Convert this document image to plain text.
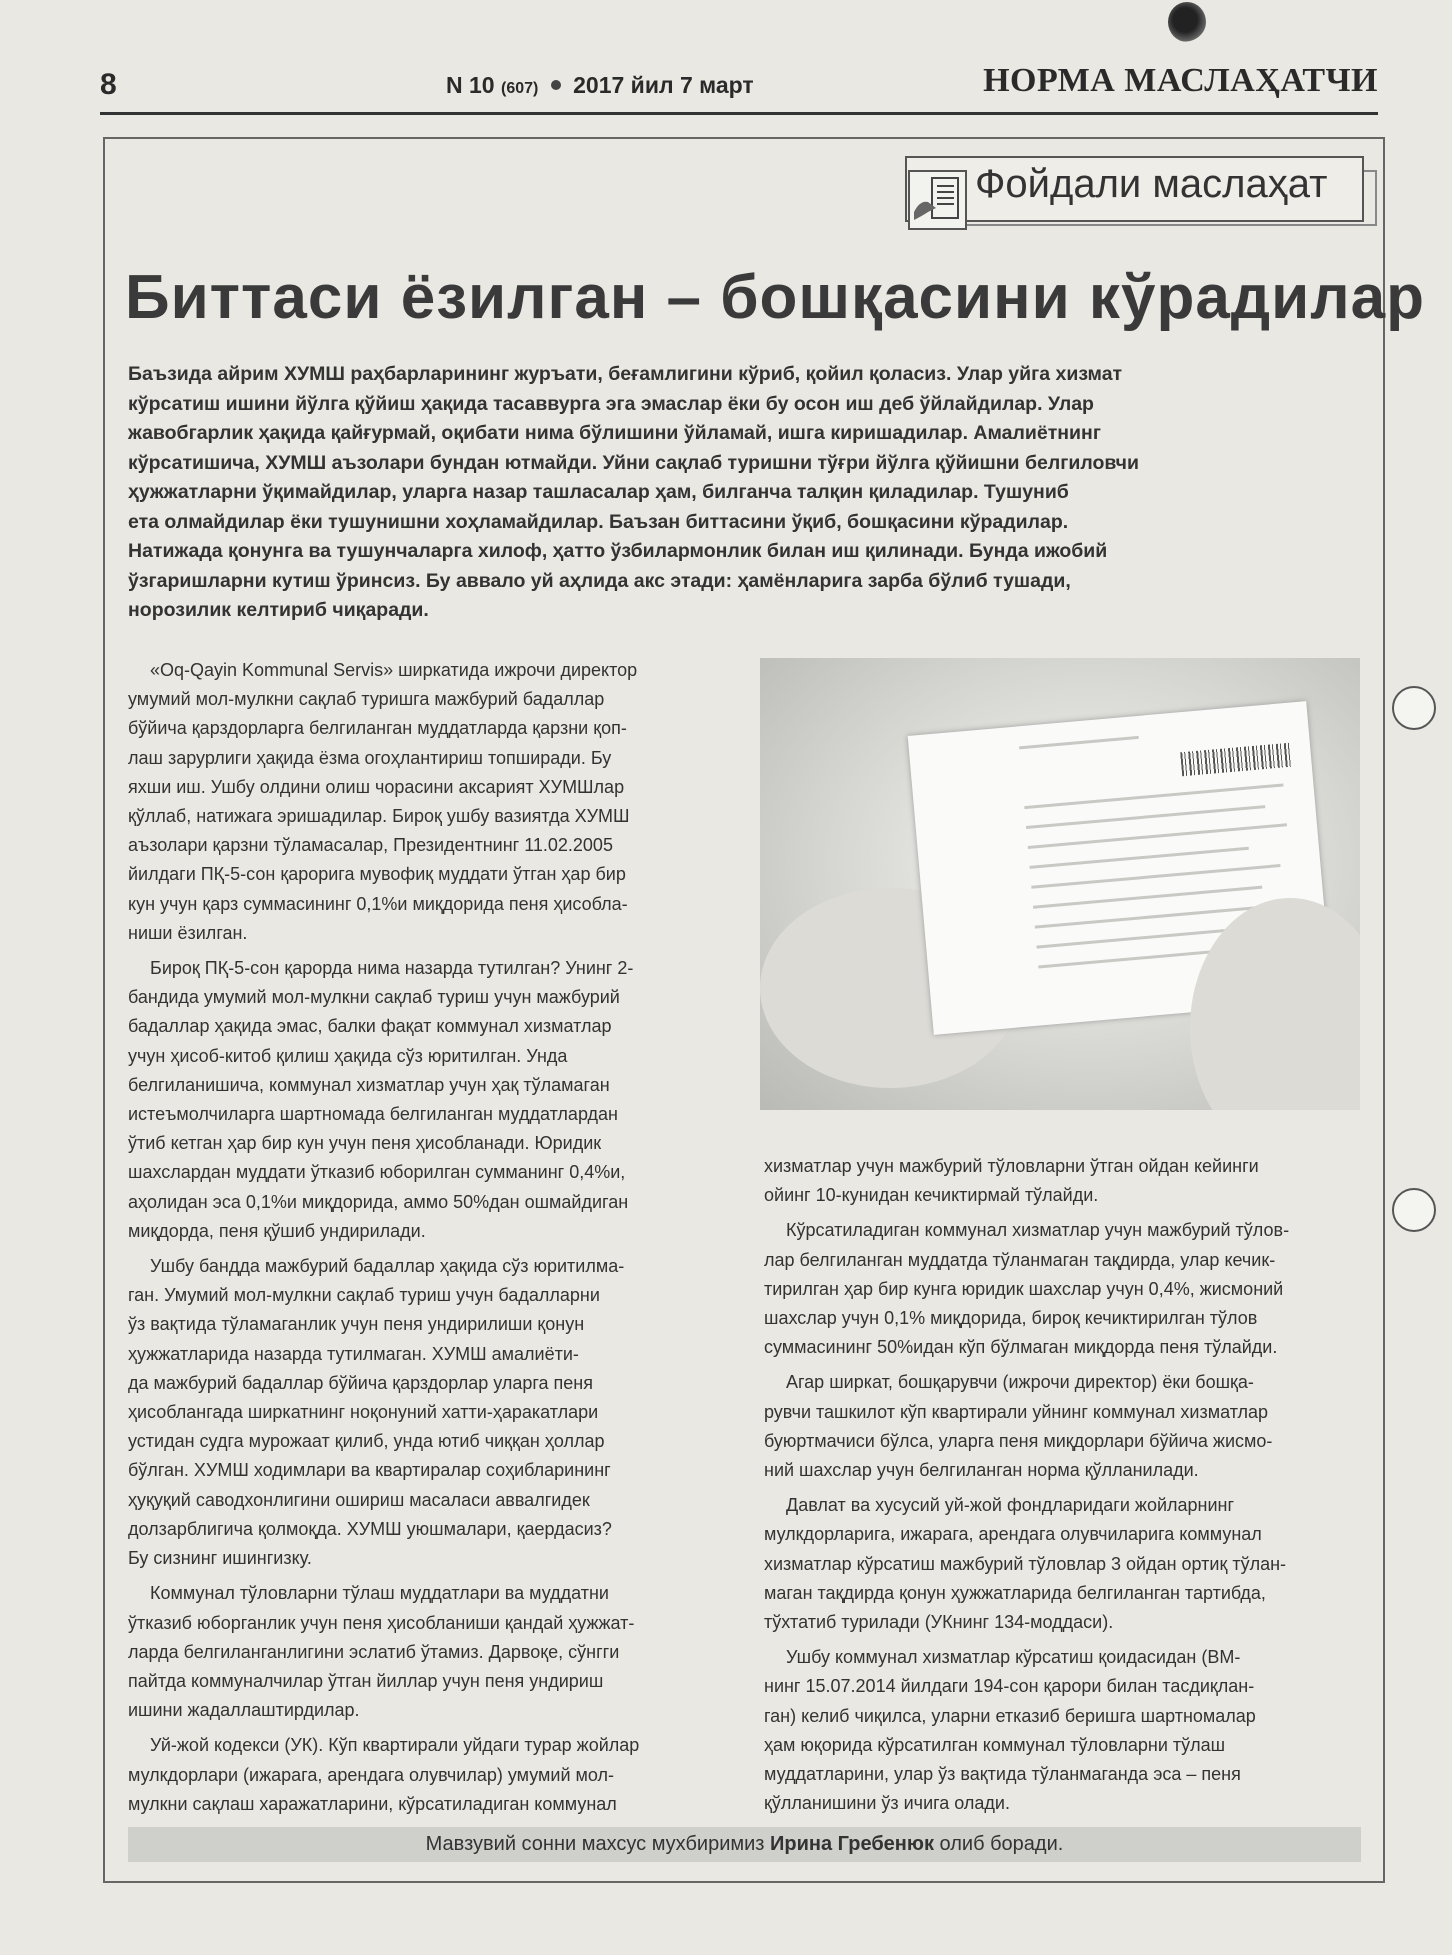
8	N 10 (607) 2017 йил 7 март	НОРМА МАСЛАҲАТЧИ
Фойдали маслаҳат
Биттаси ёзилган – бошқасини кўрадилар

Баъзида айрим ХУМШ раҳбарларининг журъати, беғамлигини кўриб, қойил қоласиз. Улар уйга хизмат

кўрсатиш ишини йўлга қўйиш ҳақида тасаввурга эга эмаслар ёки бу осон иш деб ўйлайдилар. Улар

жавобгарлик ҳақида қайғурмай, оқибати нима бўлишини ўйламай, ишга киришадилар. Амалиётнинг

кўрсатишича, ХУМШ аъзолари бундан ютмайди. Уйни сақлаб туришни тўғри йўлга қўйишни белгиловчи

ҳужжатларни ўқимайдилар, уларга назар ташласалар ҳам, билганча талқин қиладилар. Тушуниб

ета олмайдилар ёки тушунишни хоҳламайдилар. Баъзан биттасини ўқиб, бошқасини кўрадилар.

Натижада қонунга ва тушунчаларга хилоф, ҳатто ўзбилармонлик билан иш қилинади. Бунда ижобий

ўзгаришларни кутиш ўринсиз. Бу аввало уй аҳлида акс этади: ҳамёнларига зарба бўлиб тушади,

норозилик келтириб чиқаради.

«Oq-Qayin Kommunal Servis» ширкатида ижрочи директор

умумий мол-мулкни сақлаб туришга мажбурий бадаллар

бўйича қарздорларга белгиланган муддатларда қарзни қоп-

лаш зарурлиги ҳақида ёзма огоҳлантириш топширади. Бу

яхши иш. Ушбу олдини олиш чорасини аксарият ХУМШлар

қўллаб, натижага эришадилар. Бироқ ушбу вазиятда ХУМШ

аъзолари қарзни тўламасалар, Президентнинг 11.02.2005

йилдаги ПҚ-5-сон қарорига мувофиқ муддати ўтган ҳар бир

кун учун қарз суммасининг 0,1%и миқдорида пеня ҳисобла-

ниши ёзилган.

Бироқ ПҚ-5-сон қарорда нима назарда тутилган? Унинг 2-

бандида умумий мол-мулкни сақлаб туриш учун мажбурий

бадаллар ҳақида эмас, балки фақат коммунал хизматлар

учун ҳисоб-китоб қилиш ҳақида сўз юритилган. Унда

белгиланишича, коммунал хизматлар учун ҳақ тўламаган

истеъмолчиларга шартномада белгиланган муддатлардан

ўтиб кетган ҳар бир кун учун пеня ҳисобланади. Юридик

шахслардан муддати ўтказиб юборилган сумманинг 0,4%и,

аҳолидан эса 0,1%и миқдорида, аммо 50%дан ошмайдиган

миқдорда, пеня қўшиб ундирилади.

Ушбу бандда мажбурий бадаллар ҳақида сўз юритилма-

ган. Умумий мол-мулкни сақлаб туриш учун бадалларни

ўз вақтида тўламаганлик учун пеня ундирилиши қонун

ҳужжатларида назарда тутилмаган. ХУМШ амалиёти-

да мажбурий бадаллар бўйича қарздорлар уларга пеня

ҳисоблангада ширкатнинг ноқонуний хатти-ҳаракатлари

устидан судга мурожаат қилиб, унда ютиб чиққан ҳоллар

бўлган. ХУМШ ходимлари ва квартиралар соҳибларининг

ҳуқуқий саводхонлигини ошириш масаласи аввалгидек

долзарблигича қолмоқда. ХУМШ уюшмалари, қаердасиз?

Бу сизнинг ишингизку.

Коммунал тўловларни тўлаш муддатлари ва муддатни

ўтказиб юборганлик учун пеня ҳисобланиши қандай ҳужжат-

ларда белгиланганлигини эслатиб ўтамиз. Дарвоқе, сўнгги

пайтда коммуналчилар ўтган йиллар учун пеня ундириш

ишини жадаллаштирдилар.

Уй-жой кодекси (УК). Кўп квартирали уйдаги турар жойлар

мулкдорлари (ижарага, арендага олувчилар) умумий мол-

мулкни сақлаш харажатларини, кўрсатиладиган коммунал

хизматлар учун мажбурий тўловларни ўтган ойдан кейинги

ойинг 10-кунидан кечиктирмай тўлайди.

Кўрсатиладиган коммунал хизматлар учун мажбурий тўлов-

лар белгиланган муддатда тўланмаган тақдирда, улар кечик-

тирилган ҳар бир кунга юридик шахслар учун 0,4%, жисмоний

шахслар учун 0,1% миқдорида, бироқ кечиктирилган тўлов

суммасининг 50%идан кўп бўлмаган миқдорда пеня тўлайди.

Агар ширкат, бошқарувчи (ижрочи директор) ёки бошқа-

рувчи ташкилот кўп квартирали уйнинг коммунал хизматлар

буюртмачиси бўлса, уларга пеня миқдорлари бўйича жисмо-

ний шахслар учун белгиланган норма қўлланилади.

Давлат ва хусусий уй-жой фондларидаги жойларнинг

мулкдорларига, ижарага, арендага олувчиларига коммунал

хизматлар кўрсатиш мажбурий тўловлар 3 ойдан ортиқ тўлан-

маган тақдирда қонун ҳужжатларида белгиланган тартибда,

тўхтатиб турилади (УКнинг 134-моддаси).

Ушбу коммунал хизматлар кўрсатиш қоидасидан (ВМ-

нинг 15.07.2014 йилдаги 194-сон қарори билан тасдиқлан-

ган) келиб чиқилса, уларни етказиб беришга шартномалар

ҳам юқорида кўрсатилган коммунал тўловларни тўлаш

муддатларини, улар ўз вақтида тўланмаганда эса – пеня

қўлланишини ўз ичига олади.

Мавзувий сонни махсус мухбиримиз Ирина Гребенюк олиб боради.
